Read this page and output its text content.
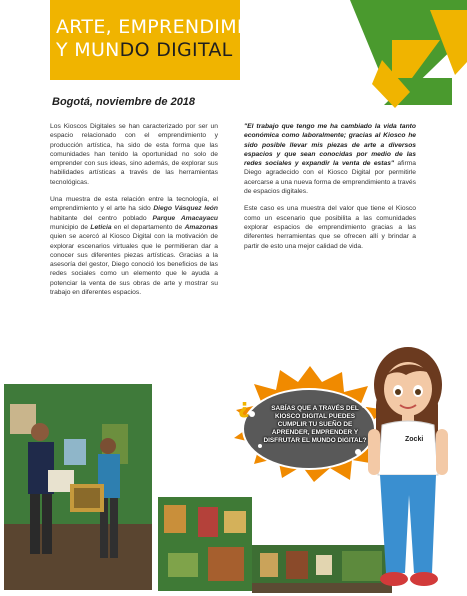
ARTE, EMPRENDIMIENTO
Y MUNDO DIGITAL

Bogotá, noviembre de 2018

Los Kioscos Digitales se han caracterizado por ser un espacio relacionado con el emprendimiento y producción artística, ha sido de esta forma que las comunidades han tenido la oportunidad no solo de emprender con sus ideas, sino además, de explorar sus habilidades artísticas a través de las herramientas tecnológicas.

Una muestra de esta relación entre la tecnología, el emprendimiento y el arte ha sido Diego Vásquez león habitante del centro poblado Parque Amacayacu municipio de Leticia en el departamento de Amazonas quien se acercó al Kiosco Digital con la motivación de explorar escenarios virtuales que le permitieran dar a conocer sus diferentes piezas artísticas. Gracias a la asesoría del gestor, Diego conoció los beneficios de las redes sociales como un elemento que le ayuda a potenciar la venta de sus obras de arte y mostrar su trabajo en diferentes espacios.

"El trabajo que tengo me ha cambiado la vida tanto económica como laboralmente; gracias al Kiosco he sido posible llevar mis piezas de arte a diversos espacios y que sean conocidas por medio de las redes sociales y expandir la venta de estas" afirma Diego agradecido con el Kiosco Digital por permitirle acercarse a una nueva forma de emprendimiento a través de espacios digitales.

Este caso es una muestra del valor que tiene el Kiosco como un escenario que posibilita a las comunidades explorar espacios de emprendimiento gracias a las diferentes herramientas que se ofrecen allí y brindar a partir de esto una mejor calidad de vida.

¿	SABÍAS QUE A TRAVÉS DEL KIOSCO DIGITAL PUEDES CUMPLIR TU SUEÑO DE APRENDER, EMPRENDER Y DISFRUTAR EL MUNDO DIGITAL?	Zocki
